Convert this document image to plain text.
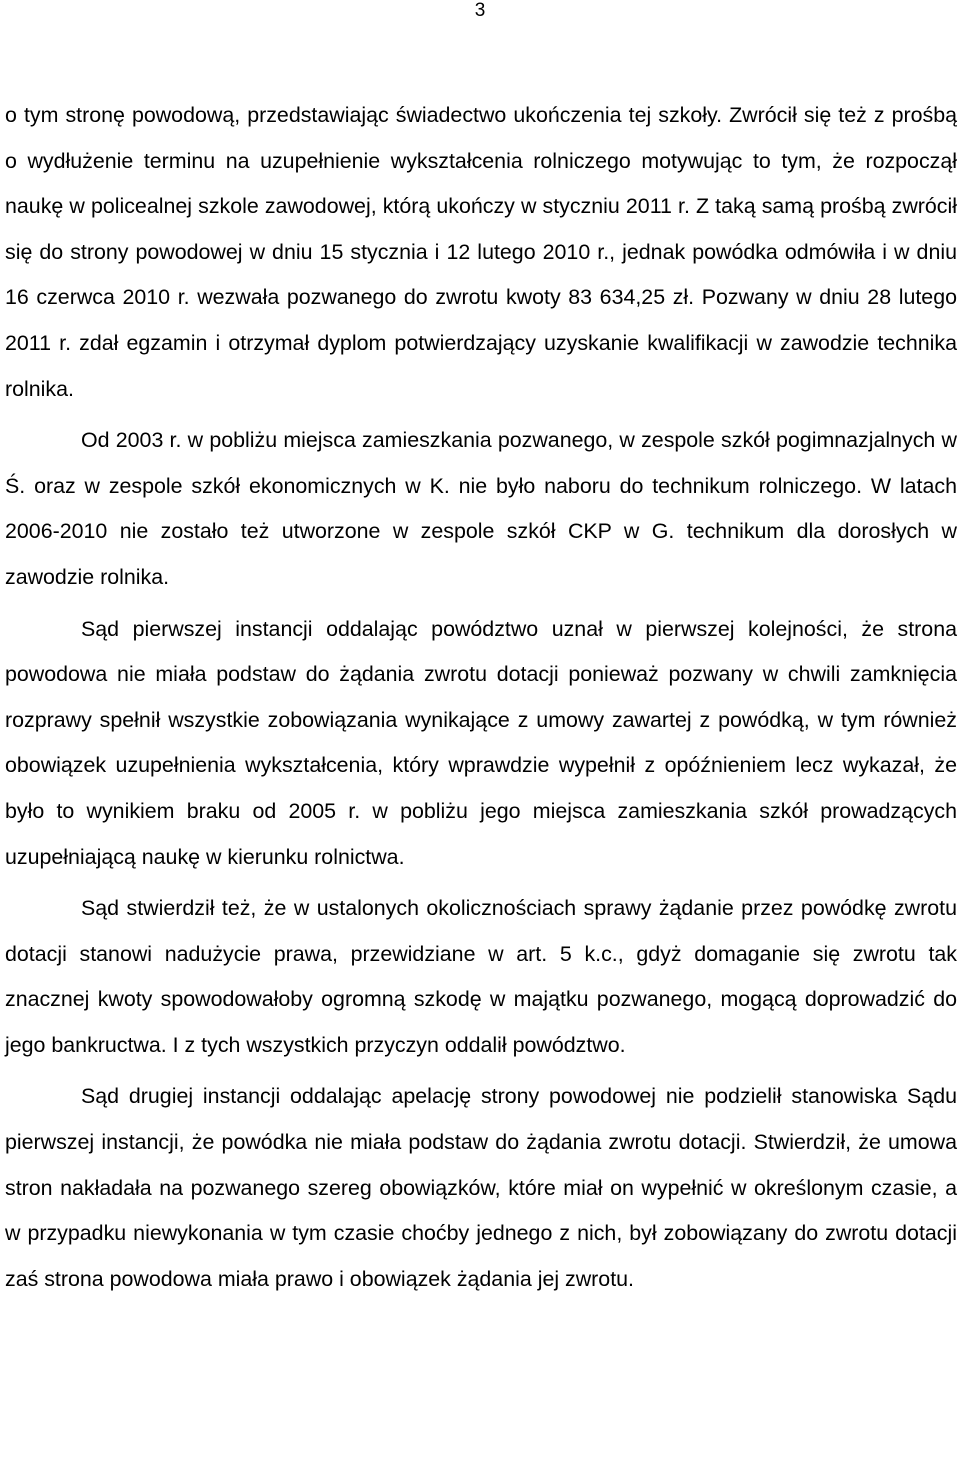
3

o tym stronę powodową, przedstawiając świadectwo ukończenia tej szkoły. Zwrócił się też z prośbą o wydłużenie terminu na uzupełnienie wykształcenia rolniczego motywując to tym, że rozpoczął naukę w policealnej szkole zawodowej, którą ukończy w styczniu 2011 r. Z taką samą prośbą zwrócił się do strony powodowej w dniu 15 stycznia i 12 lutego 2010 r., jednak powódka odmówiła i w dniu 16 czerwca 2010 r. wezwała pozwanego do zwrotu kwoty 83 634,25 zł. Pozwany w dniu 28 lutego 2011 r. zdał egzamin i otrzymał dyplom potwierdzający uzyskanie kwalifikacji w zawodzie technika rolnika.

Od 2003 r. w pobliżu miejsca zamieszkania pozwanego, w zespole szkół pogimnazjalnych w Ś. oraz w zespole szkół ekonomicznych w K. nie było naboru do technikum rolniczego. W latach 2006-2010 nie zostało też utworzone w zespole szkół CKP w G. technikum dla dorosłych w zawodzie rolnika.

Sąd pierwszej instancji oddalając powództwo uznał w pierwszej kolejności, że strona powodowa nie miała podstaw do żądania zwrotu dotacji ponieważ pozwany w chwili zamknięcia rozprawy spełnił wszystkie zobowiązania wynikające z umowy zawartej z powódką, w tym również obowiązek uzupełnienia wykształcenia, który wprawdzie wypełnił z opóźnieniem lecz wykazał, że było to wynikiem braku od 2005 r. w pobliżu jego miejsca zamieszkania szkół prowadzących uzupełniającą naukę w kierunku rolnictwa.

Sąd stwierdził też, że w ustalonych okolicznościach sprawy żądanie przez powódkę zwrotu dotacji stanowi nadużycie prawa, przewidziane w art. 5 k.c., gdyż domaganie się zwrotu tak znacznej kwoty spowodowałoby ogromną szkodę w majątku pozwanego, mogącą doprowadzić do jego bankructwa. I z tych wszystkich przyczyn oddalił powództwo.

Sąd drugiej instancji oddalając apelację strony powodowej nie podzielił stanowiska Sądu pierwszej instancji, że powódka nie miała podstaw do żądania zwrotu dotacji. Stwierdził, że umowa stron nakładała na pozwanego szereg obowiązków, które miał on wypełnić w określonym czasie, a w przypadku niewykonania w tym czasie choćby jednego z nich, był zobowiązany do zwrotu dotacji zaś strona powodowa miała prawo i obowiązek żądania jej zwrotu.
